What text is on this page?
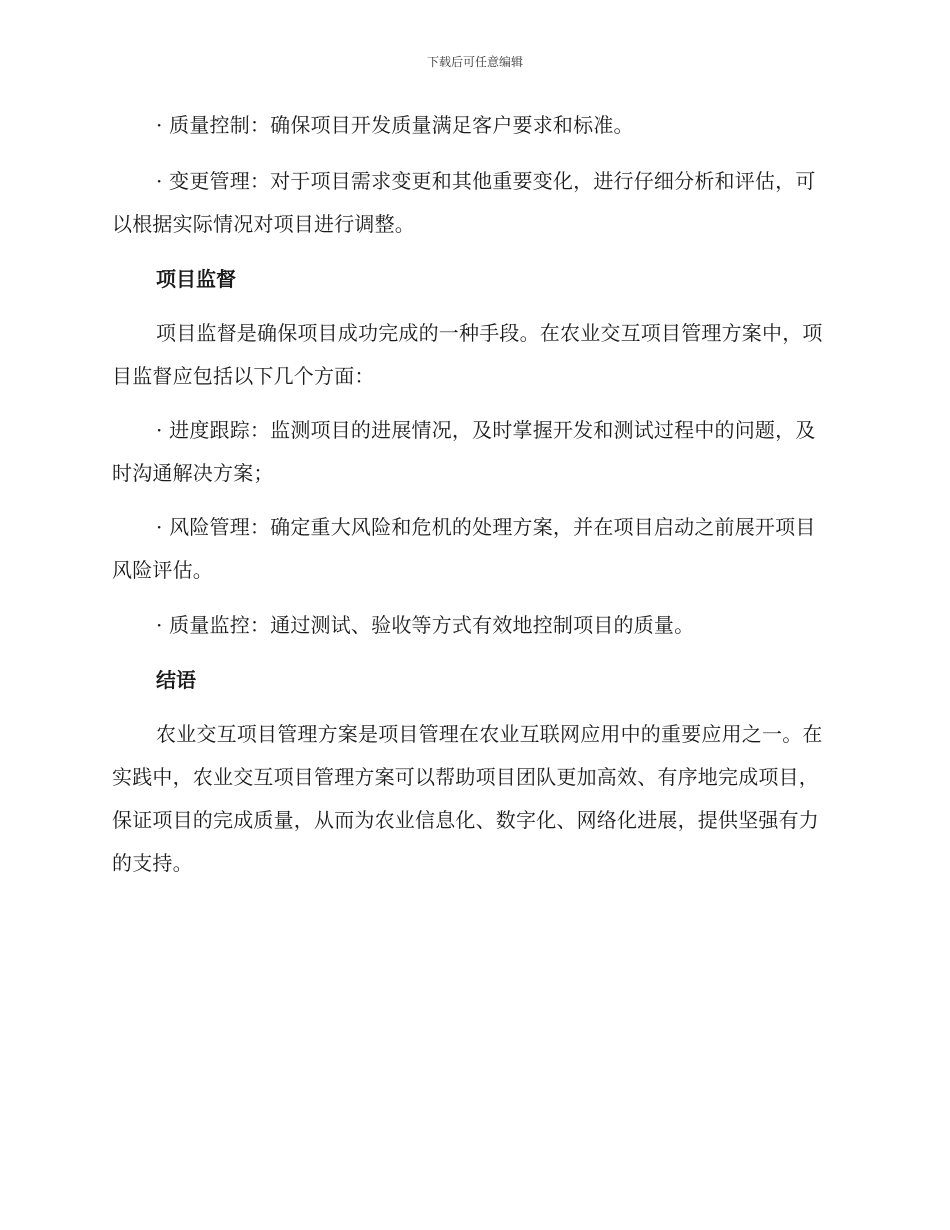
下载后可任意编辑

· 质量控制：确保项目开发质量满足客户要求和标准。

· 变更管理：对于项目需求变更和其他重要变化，进行仔细分析和评估，可以根据实际情况对项目进行调整。

项目监督

项目监督是确保项目成功完成的一种手段。在农业交互项目管理方案中，项目监督应包括以下几个方面：

· 进度跟踪：监测项目的进展情况，及时掌握开发和测试过程中的问题，及时沟通解决方案；

· 风险管理：确定重大风险和危机的处理方案，并在项目启动之前展开项目风险评估。

· 质量监控：通过测试、验收等方式有效地控制项目的质量。

结语

农业交互项目管理方案是项目管理在农业互联网应用中的重要应用之一。在实践中，农业交互项目管理方案可以帮助项目团队更加高效、有序地完成项目，保证项目的完成质量，从而为农业信息化、数字化、网络化进展，提供坚强有力的支持。
